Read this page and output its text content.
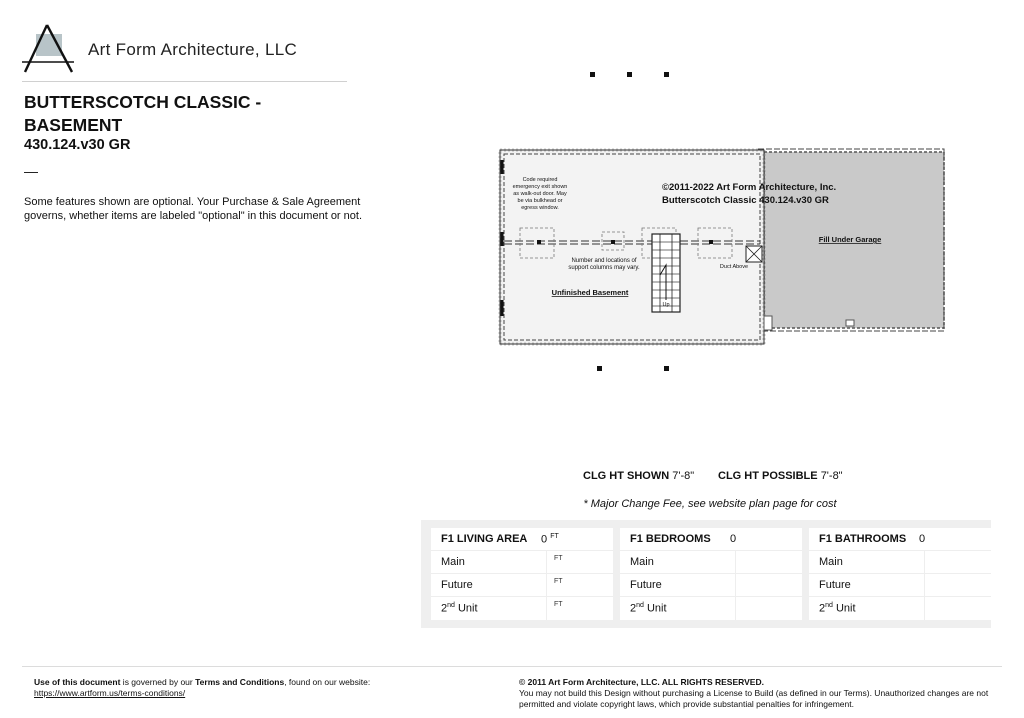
Art Form Architecture, LLC
BUTTERSCOTCH CLASSIC - BASEMENT
430.124.v30 GR
—
Some features shown are optional. Your Purchase & Sale Agreement governs, whether items are labeled "optional" in this document or not.
©2011-2022 Art Form Architecture, Inc.
Butterscotch Classic 430.124.v30 GR
Code required
emergency exit shown
as walk-out door. May
be via bulkhead or
egress window.
Number and locations of
support columns may vary.
Unfinished Basement
Fill Under Garage
Duct Above
Up
CLG HT SHOWN 7'-8" CLG HT POSSIBLE 7'-8"
* Major Change Fee, see website plan page for cost
F1 LIVING AREA 0 $^{FT}$
Main	FT
Future	FT
2nd Unit	FT
F1 BEDROOMS 0
Main
Future
2nd Unit
F1 BATHROOMS 0
Main
Future
2nd Unit
Use of this document is governed by our Terms and Conditions, found on our website:
https://www.artform.us/terms-conditions/
© 2011 Art Form Architecture, LLC. ALL RIGHTS RESERVED.
You may not build this Design without purchasing a License to Build (as defined in our Terms). Unauthorized changes are not permitted and violate copyright laws, which provide substantial penalties for infringement.
